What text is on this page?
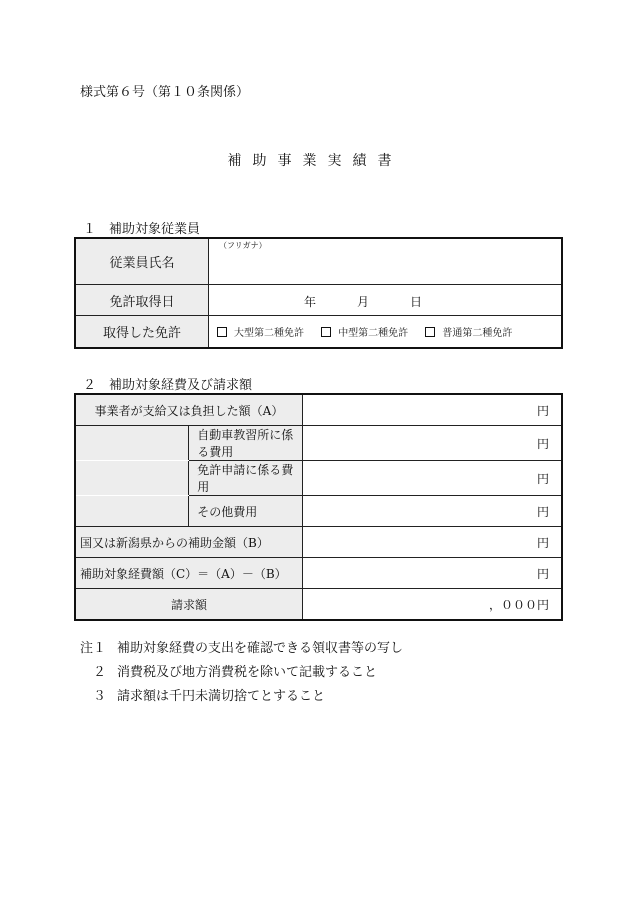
様式第６号（第１０条関係）
補助事業実績書
１　補助対象従業員
従業員氏名	（フリガナ）

免許取得日	年 月 日

取得した免許	大型第二種免許 中型第二種免許 普通第二種免許
２　補助対象経費及び請求額
事業者が支給又は負担した額（A）		円
	自動車教習所に係る費用	円
	免許申請に係る費用	円
	その他費用	円
国又は新潟県からの補助金額（B）		円
補助対象経費額（C）＝（A）－（B）		円
請求額		，０００円
注１ 補助対象経費の支出を確認できる領収書等の写し
２ 消費税及び地方消費税を除いて記載すること
３ 請求額は千円未満切捨てとすること
